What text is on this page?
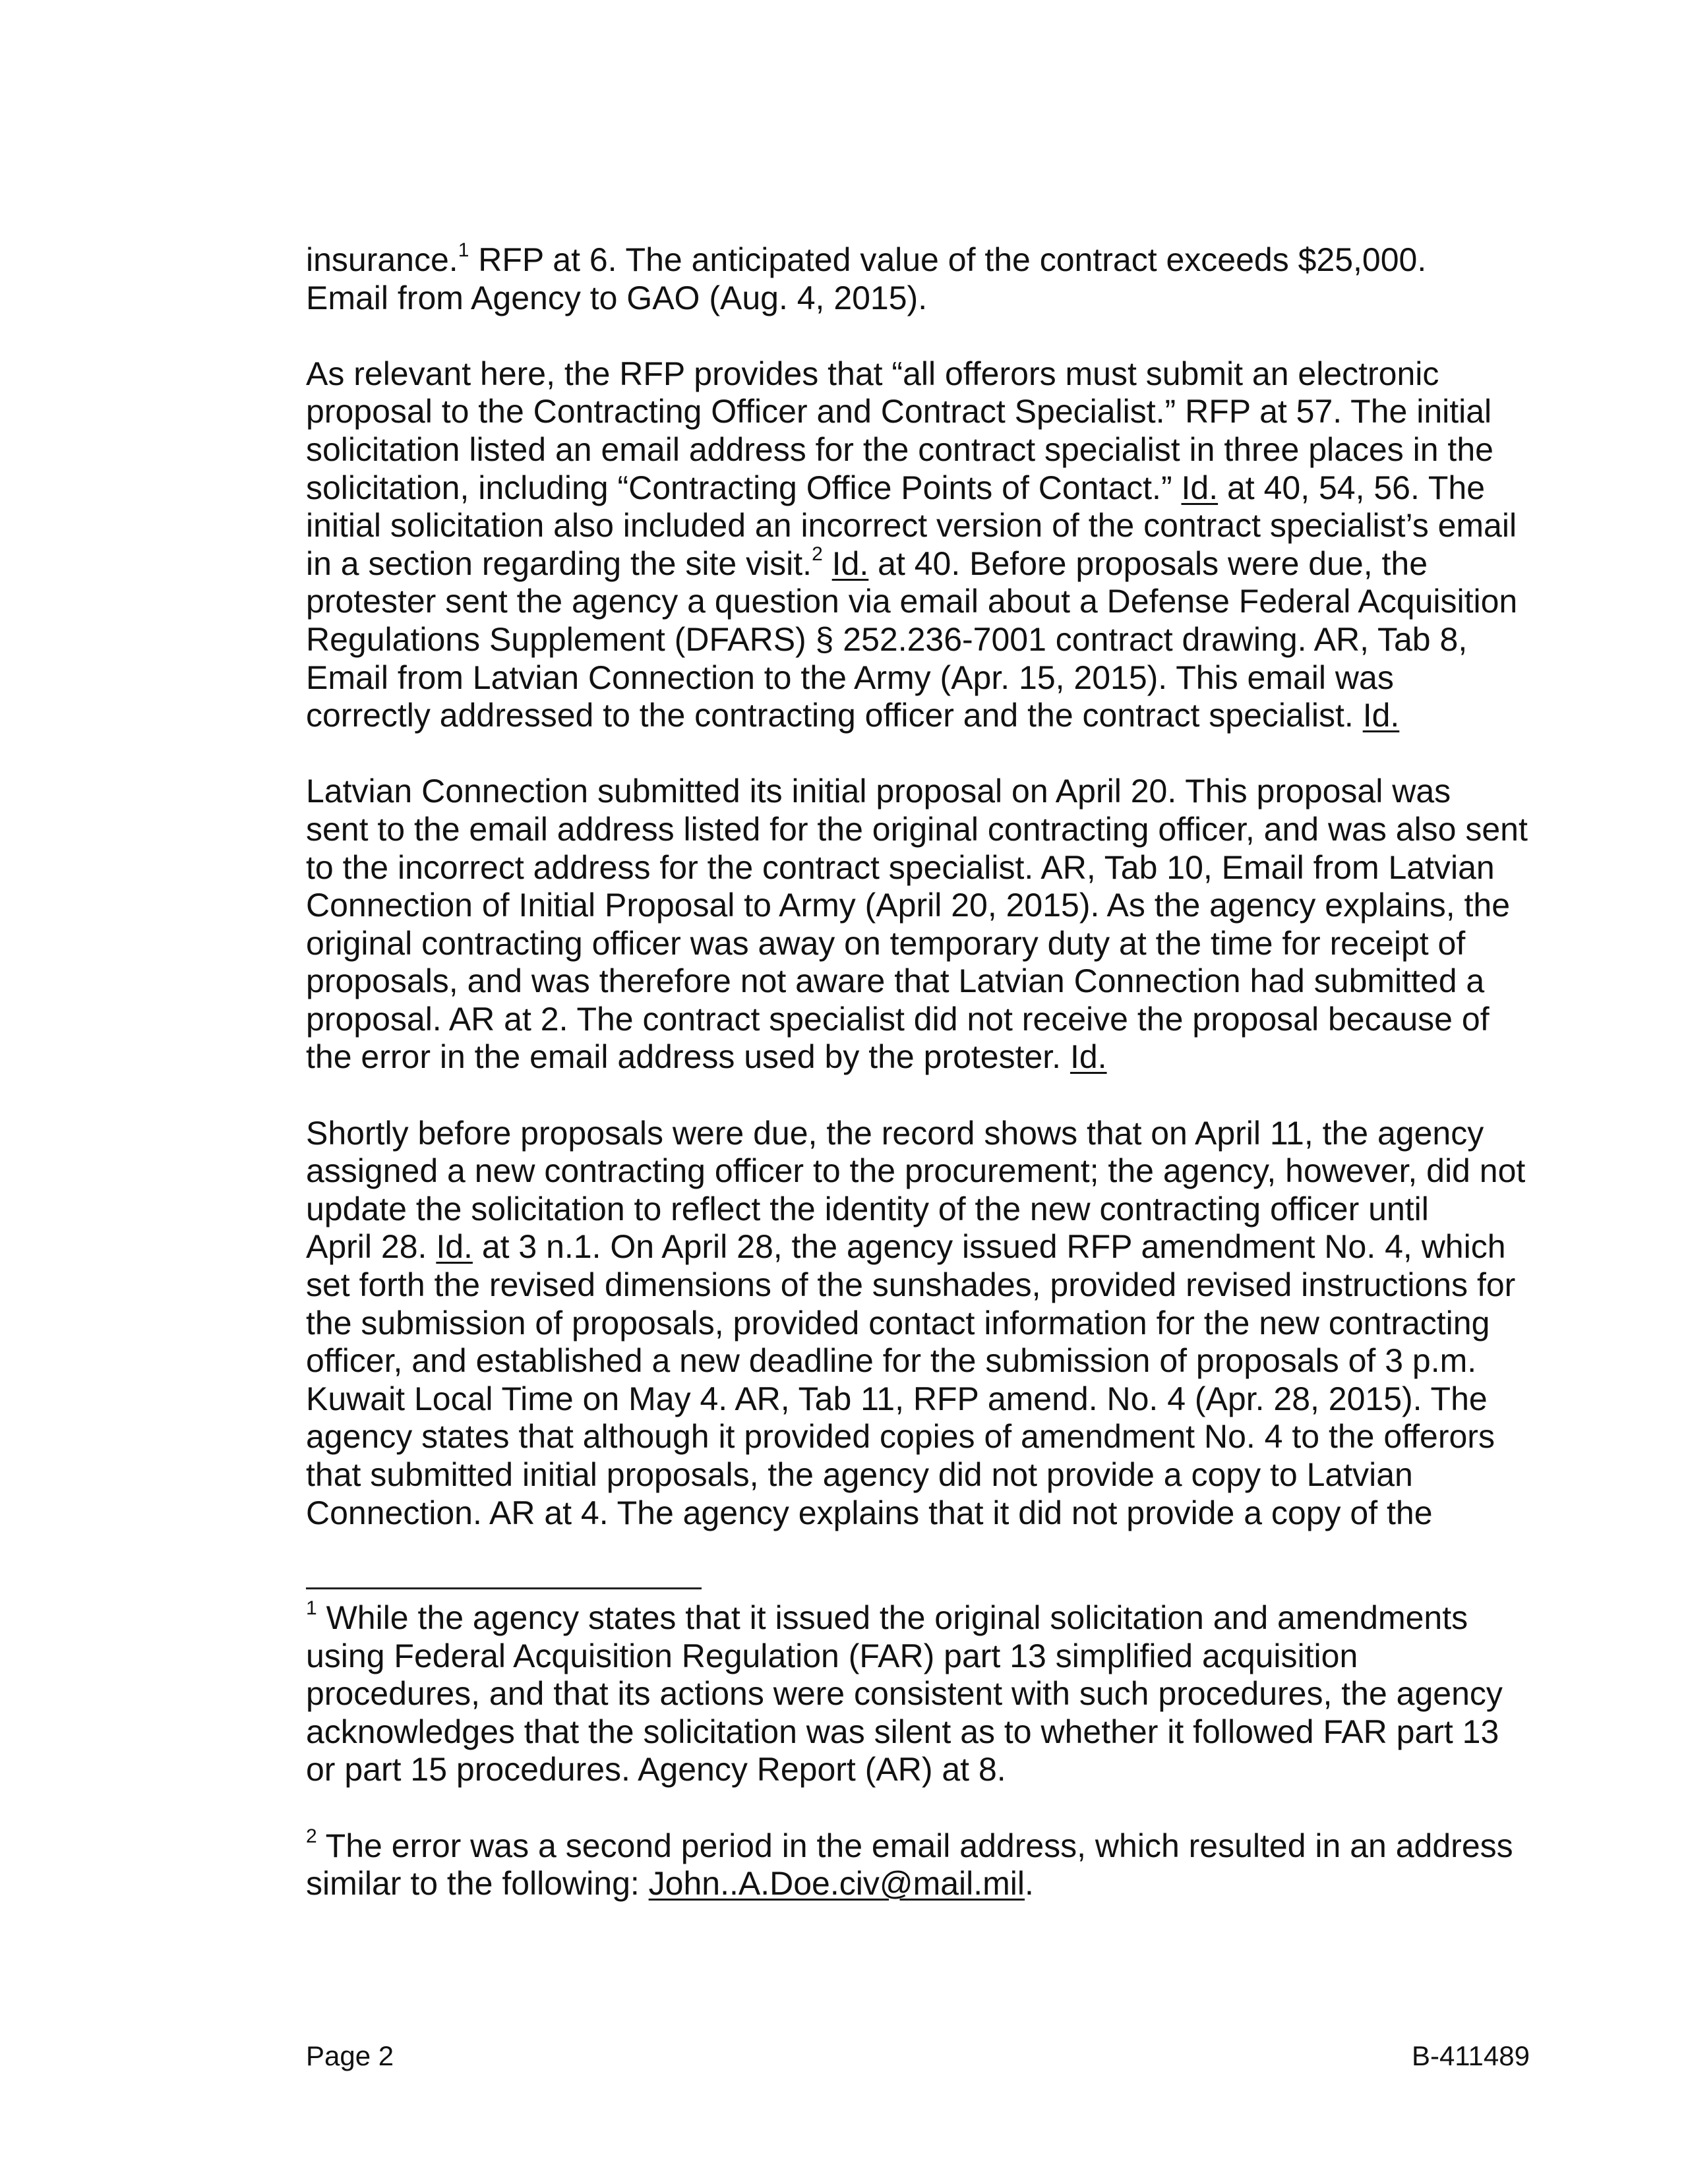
insurance.$^1$ RFP at 6. The anticipated value of the contract exceeds $25,000.
Email from Agency to GAO (Aug. 4, 2015).

As relevant here, the RFP provides that “all offerors must submit an electronic
proposal to the Contracting Officer and Contract Specialist.” RFP at 57. The initial
solicitation listed an email address for the contract specialist in three places in the
solicitation, including “Contracting Office Points of Contact.” Id. at 40, 54, 56. The
initial solicitation also included an incorrect version of the contract specialist’s email
in a section regarding the site visit.$^2$ Id. at 40. Before proposals were due, the
protester sent the agency a question via email about a Defense Federal Acquisition
Regulations Supplement (DFARS) § 252.236-7001 contract drawing. AR, Tab 8,
Email from Latvian Connection to the Army (Apr. 15, 2015). This email was
correctly addressed to the contracting officer and the contract specialist. Id.

Latvian Connection submitted its initial proposal on April 20. This proposal was
sent to the email address listed for the original contracting officer, and was also sent
to the incorrect address for the contract specialist. AR, Tab 10, Email from Latvian
Connection of Initial Proposal to Army (April 20, 2015). As the agency explains, the
original contracting officer was away on temporary duty at the time for receipt of
proposals, and was therefore not aware that Latvian Connection had submitted a
proposal. AR at 2. The contract specialist did not receive the proposal because of
the error in the email address used by the protester. Id.

Shortly before proposals were due, the record shows that on April 11, the agency
assigned a new contracting officer to the procurement; the agency, however, did not
update the solicitation to reflect the identity of the new contracting officer until
April 28. Id. at 3 n.1. On April 28, the agency issued RFP amendment No. 4, which
set forth the revised dimensions of the sunshades, provided revised instructions for
the submission of proposals, provided contact information for the new contracting
officer, and established a new deadline for the submission of proposals of 3 p.m.
Kuwait Local Time on May 4. AR, Tab 11, RFP amend. No. 4 (Apr. 28, 2015). The
agency states that although it provided copies of amendment No. 4 to the offerors
that submitted initial proposals, the agency did not provide a copy to Latvian
Connection. AR at 4. The agency explains that it did not provide a copy of the

$^1$ While the agency states that it issued the original solicitation and amendments
using Federal Acquisition Regulation (FAR) part 13 simplified acquisition
procedures, and that its actions were consistent with such procedures, the agency
acknowledges that the solicitation was silent as to whether it followed FAR part 13
or part 15 procedures. Agency Report (AR) at 8.

$^2$ The error was a second period in the email address, which resulted in an address
similar to the following: John..A.Doe.civ@mail.mil.

Page 2	B-411489
